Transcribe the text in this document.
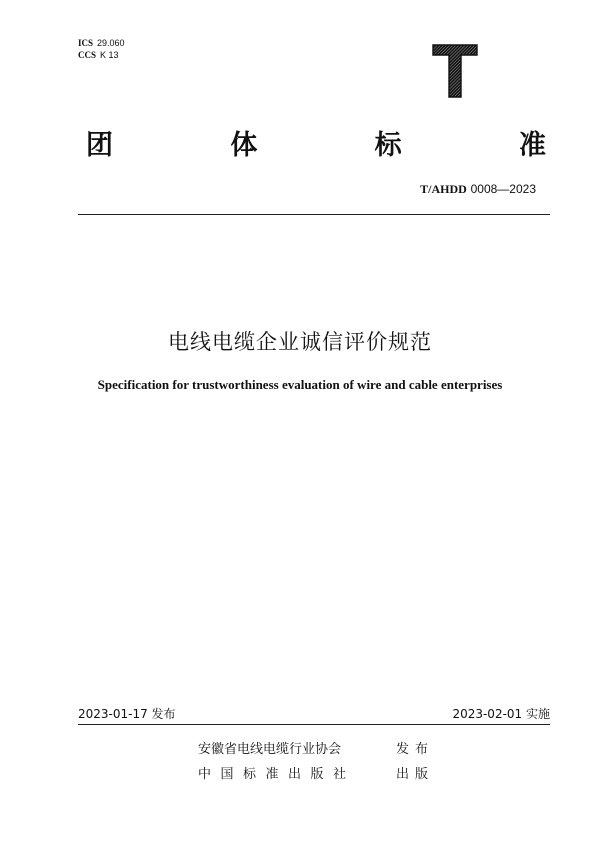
ICS 29.060
CCS K 13
团	体	标	准
T/AHDD 0008—2023
电线电缆企业诚信评价规范
Specification for trustworthiness evaluation of wire and cable enterprises
2023-01-17 发布	2023-02-01 实施
安徽省电线电缆行业协会	发布
中国标准出版社	出版
